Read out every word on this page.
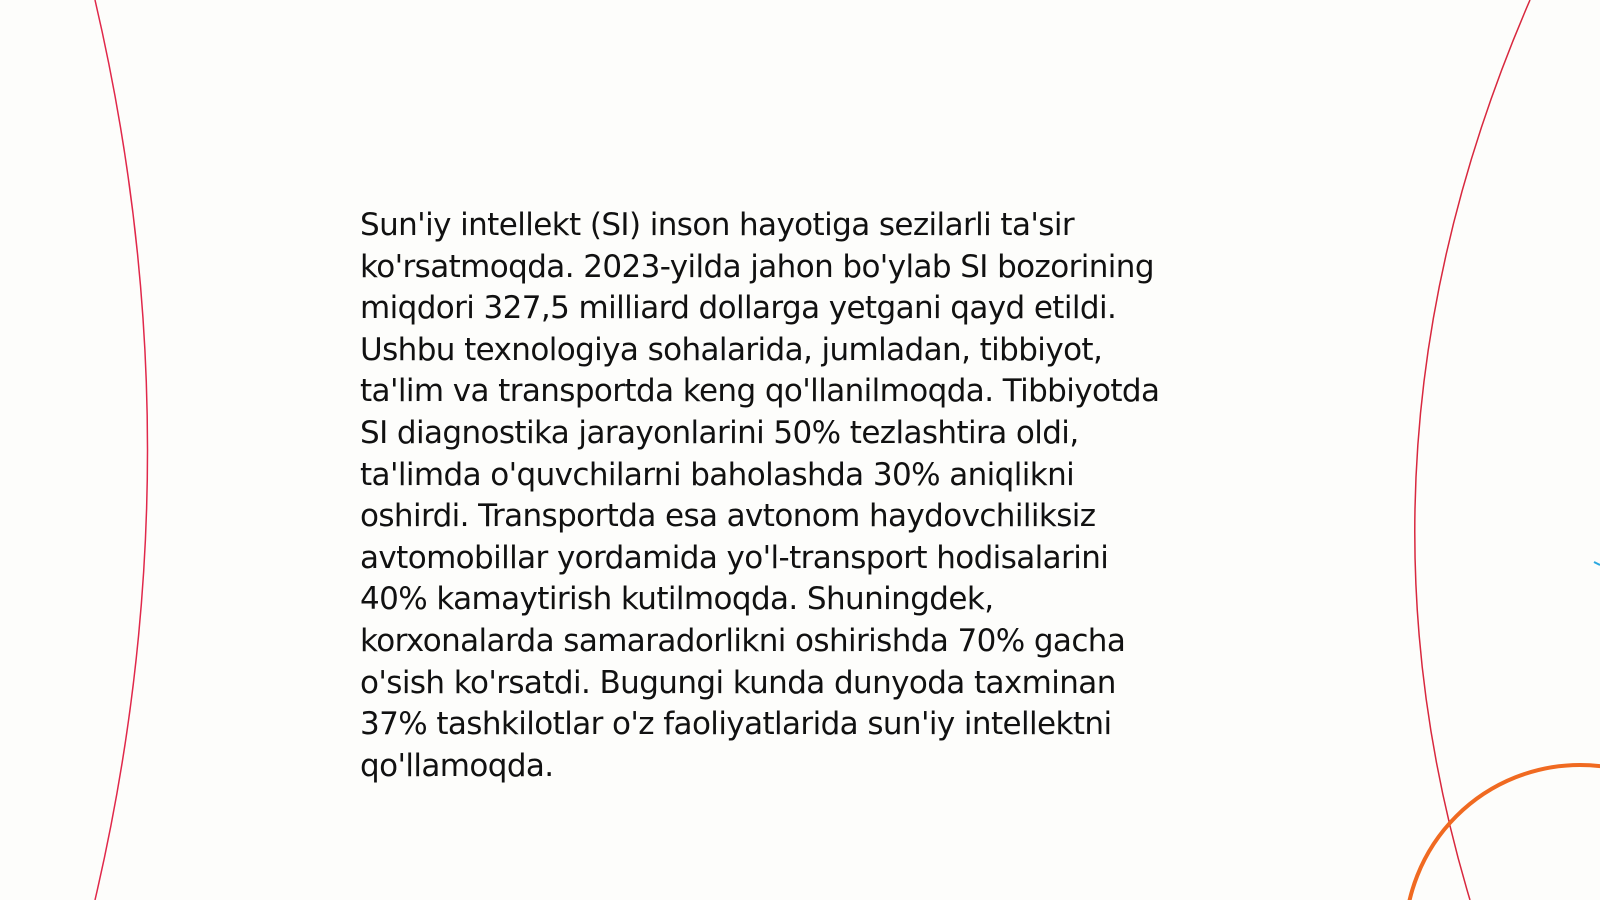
Sun'iy intellekt (SI) inson hayotiga sezilarli ta'sir
ko'rsatmoqda. 2023-yilda jahon bo'ylab SI bozorining
miqdori 327,5 milliard dollarga yetgani qayd etildi.
Ushbu texnologiya sohalarida, jumladan, tibbiyot,
ta'lim va transportda keng qo'llanilmoqda. Tibbiyotda
SI diagnostika jarayonlarini 50% tezlashtira oldi,
ta'limda o'quvchilarni baholashda 30% aniqlikni
oshirdi. Transportda esa avtonom haydovchiliksiz
avtomobillar yordamida yo'l-transport hodisalarini
40% kamaytirish kutilmoqda. Shuningdek,
korxonalarda samaradorlikni oshirishda 70% gacha
o'sish ko'rsatdi. Bugungi kunda dunyoda taxminan
37% tashkilotlar o'z faoliyatlarida sun'iy intellektni
qo'llamoqda.
